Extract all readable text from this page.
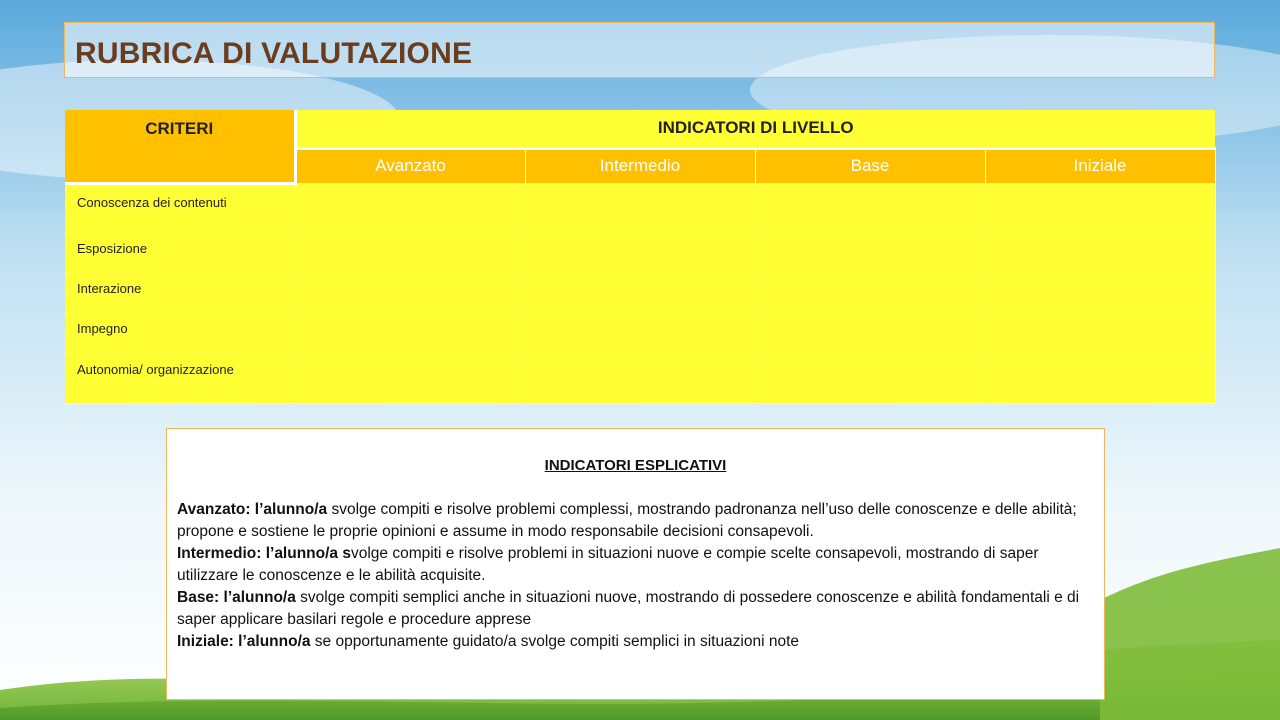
RUBRICA DI VALUTAZIONE
CRITERI	INDICATORI DI LIVELLO			
	Avanzato	Intermedio	Base	Iniziale
Conoscenza dei contenuti				
Esposizione				
Interazione				
Impegno				
Autonomia/ organizzazione				
INDICATORI ESPLICATIVI

Avanzato: l’alunno/a svolge compiti e risolve problemi complessi, mostrando padronanza nell’uso delle conoscenze e delle abilità; propone e sostiene le proprie opinioni e assume in modo responsabile decisioni consapevoli.

Intermedio: l’alunno/a svolge compiti e risolve problemi in situazioni nuove e compie scelte consapevoli, mostrando di saper utilizzare le conoscenze e le abilità acquisite.

Base: l’alunno/a svolge compiti semplici anche in situazioni nuove, mostrando di possedere conoscenze e abilità fondamentali e di saper applicare basilari regole e procedure apprese

Iniziale: l’alunno/a se opportunamente guidato/a svolge compiti semplici in situazioni note
